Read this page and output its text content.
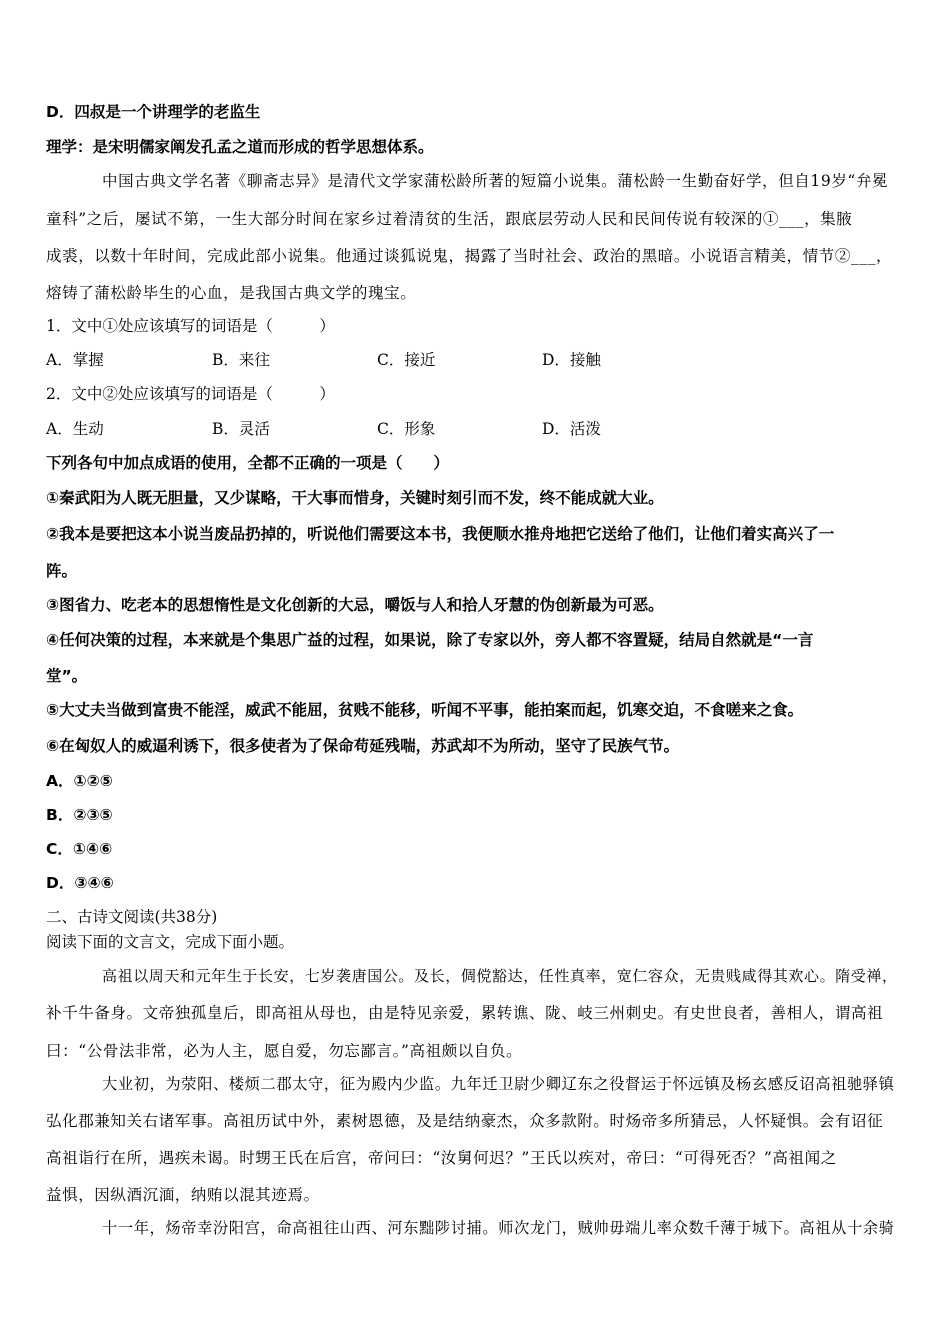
D．四叔是一个讲理学的老监生
理学：是宋明儒家阐发孔孟之道而形成的哲学思想体系。
中国古典文学名著《聊斋志异》是清代文学家蒲松龄所著的短篇小说集。蒲松龄一生勤奋好学，但自19岁“弁冕
童科”之后，屡试不第，一生大部分时间在家乡过着清贫的生活，跟底层劳动人民和民间传说有较深的①___，集腋
成裘，以数十年时间，完成此部小说集。他通过谈狐说鬼，揭露了当时社会、政治的黑暗。小说语言精美，情节②___，
熔铸了蒲松龄毕生的心血，是我国古典文学的瑰宝。
1．文中①处应该填写的词语是（　　　）
A．掌握	B．来往	C．接近	D．接触
2．文中②处应该填写的词语是（　　　）
A．生动	B．灵活	C．形象	D．活泼
下列各句中加点成语的使用，全都不正确的一项是（　　）
①秦武阳为人既无胆量，又少谋略，干大事而惜身，关键时刻引而不发，终不能成就大业。
②我本是要把这本小说当废品扔掉的，听说他们需要这本书，我便顺水推舟地把它送给了他们，让他们着实高兴了一
阵。
③图省力、吃老本的思想惰性是文化创新的大忌，嚼饭与人和拾人牙慧的伪创新最为可恶。
④任何决策的过程，本来就是个集思广益的过程，如果说，除了专家以外，旁人都不容置疑，结局自然就是“一言
堂”。
⑤大丈夫当做到富贵不能淫，威武不能屈，贫贱不能移，听闻不平事，能拍案而起，饥寒交迫，不食嗟来之食。
⑥在匈奴人的威逼利诱下，很多使者为了保命苟延残喘，苏武却不为所动，坚守了民族气节。
A．①②⑤
B．②③⑤
C．①④⑥
D．③④⑥
二、古诗文阅读(共38分)
阅读下面的文言文，完成下面小题。
高祖以周天和元年生于长安，七岁袭唐国公。及长，倜傥豁达，任性真率，宽仁容众，无贵贱咸得其欢心。隋受禅，
补千牛备身。文帝独孤皇后，即高祖从母也，由是特见亲爱，累转谯、陇、岐三州刺史。有史世良者，善相人，谓高祖
曰：“公骨法非常，必为人主，愿自爱，勿忘鄙言。”高祖颇以自负。
大业初，为荥阳、楼烦二郡太守，征为殿内少监。九年迁卫尉少卿辽东之役督运于怀远镇及杨玄感反诏高祖驰驿镇
弘化郡兼知关右诸军事。高祖历试中外，素树恩德，及是结纳豪杰，众多款附。时炀帝多所猜忌，人怀疑惧。会有诏征
高祖诣行在所，遇疾未谒。时甥王氏在后宫，帝问曰：“汝舅何迟？”王氏以疾对，帝曰：“可得死否？”高祖闻之
益惧，因纵酒沉湎，纳贿以混其迹焉。
十一年，炀帝幸汾阳宫，命高祖往山西、河东黜陟讨捕。师次龙门，贼帅毋端儿率众数千薄于城下。高祖从十余骑
